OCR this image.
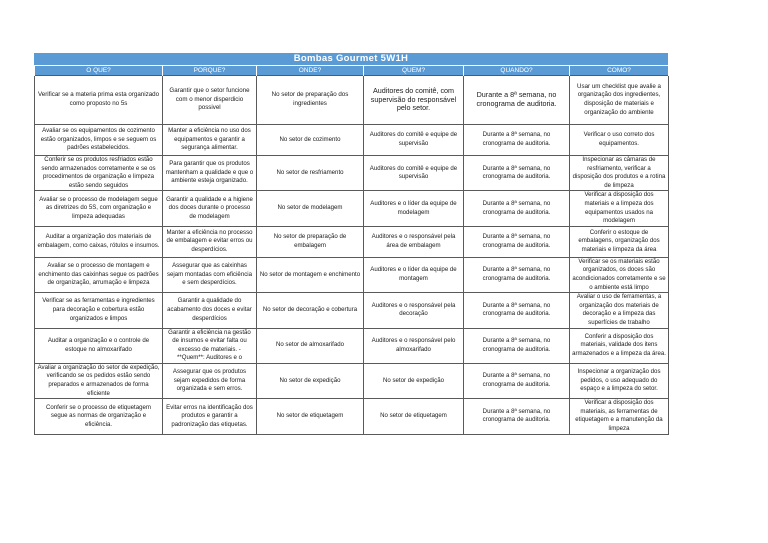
Bombas Gourmet 5W1H
O QUE?	PORQUE?	ONDE?	QUEM?	QUANDO?	COMO?
Verificar se a materia prima esta organizado como proposto no 5s	Garantir que o setor funcione com o menor disperdicio possivel	No setor de preparação dos ingredientes	Auditores do comitê, com supervisão do responsável pelo setor.	Durante a 8ª semana, no cronograma de auditoria.	Usar um checklist que avalie a organização dos ingredientes, disposição de materiais e organização do ambiente
Avaliar se os equipamentos de cozimento estão organizados, limpos e se seguem os padrões estabelecidos.	Manter a eficiência no uso dos equipamentos e garantir a segurança alimentar.	No setor de cozimento	Auditores do comitê e equipe de supervisão	Durante a 8ª semana, no cronograma de auditoria.	Verificar o uso correto dos equipamentos.
Conferir se os produtos resfriados estão sendo armazenados corretamente e se os procedimentos de organização e limpeza estão sendo seguidos	Para garantir que os produtos mantenham a qualidade e que o ambiente esteja organizado.	No setor de resfriamento	Auditores do comitê e equipe de supervisão	Durante a 8ª semana, no cronograma de auditoria.	Inspecionar as câmaras de resfriamento, verificar a disposição dos produtos e a rotina de limpeza
Avaliar se o processo de modelagem segue as diretrizes do 5S, com organização e limpeza adequadas	Garantir a qualidade e a higiene dos doces durante o processo de modelagem	No setor de modelagem	Auditores e o líder da equipe de modelagem	Durante a 8ª semana, no cronograma de auditoria.	Verificar a disposição dos materiais e a limpeza dos equipamentos usados na modelagem
Auditar a organização dos materiais de embalagem, como caixas, rótulos e insumos.	Manter a eficiência no processo de embalagem e evitar erros ou desperdícios.	No setor de preparação de embalagem	Auditores e o responsável pela área de embalagem	Durante a 8ª semana, no cronograma de auditoria.	Conferir o estoque de embalagens, organização dos materiais e limpeza da área
Avaliar se o processo de montagem e enchimento das caixinhas segue os padrões de organização, arrumação e limpeza	Assegurar que as caixinhas sejam montadas com eficiência e sem desperdícios.	No setor de montagem e enchimento	Auditores e o líder da equipe de montagem	Durante a 8ª semana, no cronograma de auditoria.	Verificar se os materiais estão organizados, os doces são acondicionados corretamente e se o ambiente está limpo
Verificar se as ferramentas e ingredientes para decoração e cobertura estão organizados e limpos	Garantir a qualidade do acabamento dos doces e evitar desperdícios	No setor de decoração e cobertura	Auditores e o responsável pela decoração	Durante a 8ª semana, no cronograma de auditoria.	Avaliar o uso de ferramentas, a organização dos materiais de decoração e a limpeza das superfícies de trabalho
Auditar a organização e o controle de estoque no almoxarifado	Garantir a eficiência na gestão de insumos e evitar falta ou excesso de materiais. - **Quem**: Auditores e o	No setor de almoxarifado	Auditores e o responsável pelo almoxarifado	Durante a 8ª semana, no cronograma de auditoria.	Conferir a disposição dos materiais, validade dos itens armazenados e a limpeza da área.
Avaliar a organização do setor de expedição, verificando se os pedidos estão sendo preparados e armazenados de forma eficiente	Assegurar que os produtos sejam expedidos de forma organizada e sem erros.	No setor de expedição	No setor de expedição	Durante a 8ª semana, no cronograma de auditoria.	Inspecionar a organização dos pedidos, o uso adequado do espaço e a limpeza do setor.
Conferir se o processo de etiquetagem segue as normas de organização e eficiência.	Evitar erros na identificação dos produtos e garantir a padronização das etiquetas.	No setor de etiquetagem	No setor de etiquetagem	Durante a 8ª semana, no cronograma de auditoria.	Verificar a disposição dos materiais, as ferramentas de etiquetagem e a manutenção da limpeza
